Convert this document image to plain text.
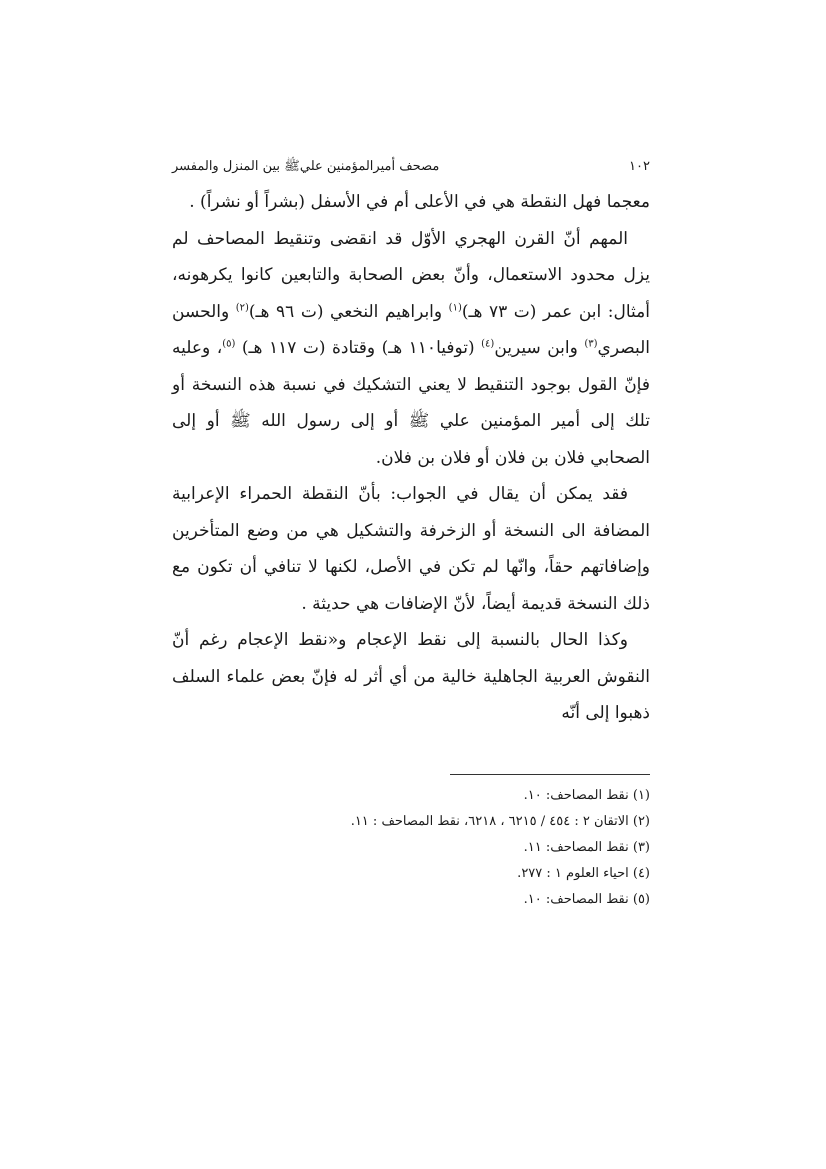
١٠٢
مصحف أميرالمؤمنين عليﷺ بين المنزل والمفسر

معجما فهل النقطة هي في الأعلى أم في الأسفل (بشراً أو نشراً) .

المهم أنّ القرن الهجري الأوّل قد انقضى وتنقيط المصاحف لم يزل محدود الاستعمال، وأنّ بعض الصحابة والتابعين كانوا يكرهونه، أمثال: ابن عمر (ت ٧٣ هـ)$^{(١)}$ وابراهيم النخعي (ت ٩٦ هـ)$^{(٢)}$ والحسن البصري$^{(٣)}$ وابن سيرين$^{(٤)}$ (توفيا١١٠ هـ) وقتادة (ت ١١٧ هـ) $^{(٥)}$، وعليه فإنّ القول بوجود التنقيط لا يعني التشكيك في نسبة هذه النسخة أو تلك إلى أمير المؤمنين علي ﷺ أو إلى رسول الله ﷺ أو إلى الصحابي فلان بن فلان أو فلان بن فلان.

فقد يمكن أن يقال في الجواب: بأنّ النقطة الحمراء الإعرابية المضافة الى النسخة أو الزخرفة والتشكيل هي من وضع المتأخرين وإضافاتهم حقاً، وانّها لم تكن في الأصل، لكنها لا تنافي أن تكون مع ذلك النسخة قديمة أيضاً، لأنّ الإضافات هي حديثة .

وكذا الحال بالنسبة إلى نقط الإعجام و«نقط الإعجام رغم أنّ النقوش العربية الجاهلية خالية من أي أثر له فإنّ بعض علماء السلف ذهبوا إلى أنّه

(١) نقط المصاحف: ١٠.

(٢) الاتقان ٢ : ٤٥٤ / ٦٢١٥ ، ٦٢١٨، نقط المصاحف : ١١.

(٣) نقط المصاحف: ١١.

(٤) احياء العلوم ١ : ٢٧٧.

(٥) نقط المصاحف: ١٠.
